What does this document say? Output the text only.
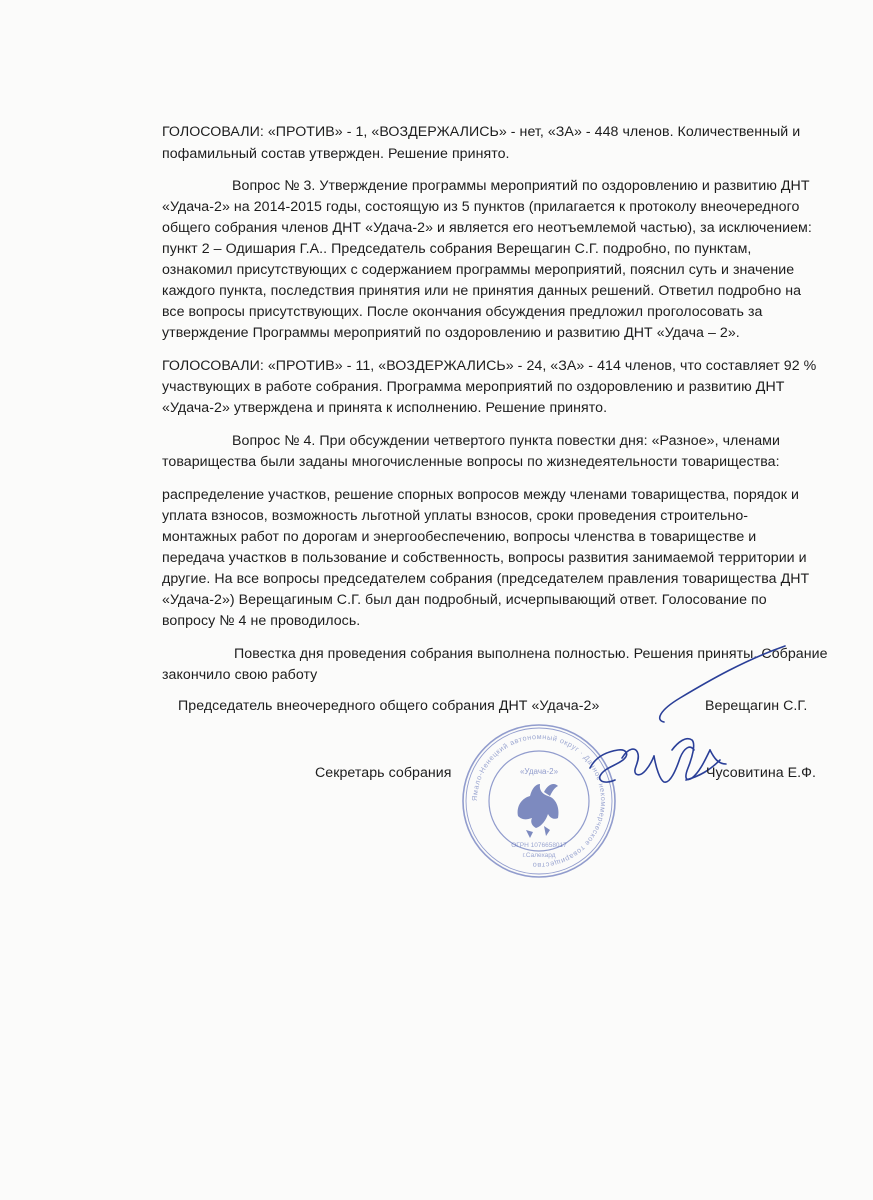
ГОЛОСОВАЛИ: «ПРОТИВ» - 1, «ВОЗДЕРЖАЛИСЬ» - нет, «ЗА» - 448 членов. Количественный и
пофамильный состав утвержден. Решение принято.
Вопрос № 3. Утверждение программы мероприятий по оздоровлению и развитию ДНТ
«Удача-2» на 2014-2015 годы, состоящую из 5 пунктов (прилагается к протоколу внеочередного
общего собрания членов ДНТ «Удача-2» и является его неотъемлемой частью), за исключением:
пункт 2 – Одишария Г.А.. Председатель собрания Верещагин С.Г. подробно, по пунктам,
ознакомил присутствующих с содержанием программы мероприятий, пояснил суть и значение
каждого пункта, последствия принятия или не принятия данных решений. Ответил подробно на
все вопросы присутствующих. После окончания обсуждения предложил проголосовать за
утверждение Программы мероприятий по оздоровлению и развитию ДНТ «Удача – 2».
ГОЛОСОВАЛИ: «ПРОТИВ» - 11, «ВОЗДЕРЖАЛИСЬ» - 24, «ЗА» - 414 членов, что составляет 92 %
участвующих в работе собрания. Программа мероприятий по оздоровлению и развитию ДНТ
«Удача-2» утверждена и принята к исполнению. Решение принято.
Вопрос № 4. При обсуждении четвертого пункта повестки дня: «Разное», членами
товарищества были заданы многочисленные вопросы по жизнедеятельности товарищества:
распределение участков, решение спорных вопросов между членами товарищества, порядок и
уплата взносов, возможность льготной уплаты взносов, сроки проведения строительно-
монтажных работ по дорогам и энергообеспечению, вопросы членства в товариществе и
передача участков в пользование и собственность, вопросы развития занимаемой территории и
другие. На все вопросы председателем собрания (председателем правления товарищества ДНТ
«Удача-2») Верещагиным С.Г. был дан подробный, исчерпывающий ответ. Голосование по
вопросу № 4 не проводилось.
Повестка дня проведения собрания выполнена полностью. Решения приняты. Собрание
закончило свою работу
Ямало-Ненецкий автономный округ · Дачное некоммерческое товарищество
«Удача-2»
ОГРН 1076658017
г.Салехард
Председатель внеочередного общего собрания ДНТ «Удача-2»	Верещагин С.Г.
Секретарь собрания	Чусовитина Е.Ф.
